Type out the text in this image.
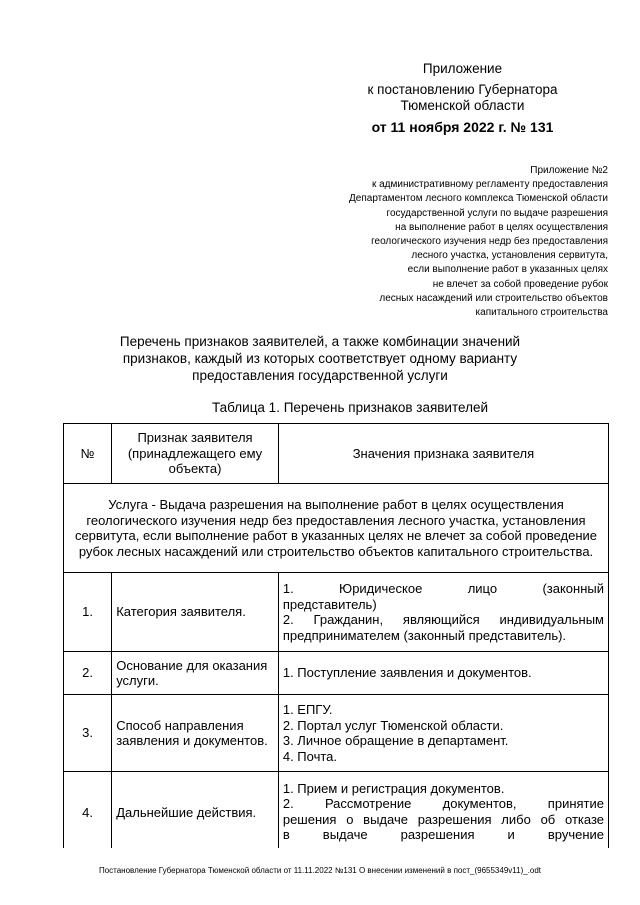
Приложение
к постановлению Губернатора
Тюменской области
от 11 ноября 2022 г. № 131
Приложение №2
к административному регламенту предоставления
Департаментом лесного комплекса Тюменской области
государственной услуги по выдаче разрешения
на выполнение работ в целях осуществления
геологического изучения недр без предоставления
лесного участка, установления сервитута,
если выполнение работ в указанных целях
не влечет за собой проведение рубок
лесных насаждений или строительство объектов
капитального строительства
Перечень признаков заявителей, а также комбинации значений
признаков, каждый из которых соответствует одному варианту
предоставления государственной услуги
Таблица 1. Перечень признаков заявителей
№	Признак заявителя (принадлежащего ему объекта)	Значения признака заявителя
Услуга - Выдача разрешения на выполнение работ в целях осуществления геологического изучения недр без предоставления лесного участка, установления сервитута, если выполнение работ в указанных целях не влечет за собой проведение рубок лесных насаждений или строительство объектов капитального строительства.		
1.	Категория заявителя.	1. Юридическое лицо (законный
представитель)
2. Гражданин, являющийся индивидуальным
предпринимателем (законный представитель).

2.	Основание для оказания услуги.	1. Поступление заявления и документов.

3.	Способ направления заявления и документов.	1. ЕПГУ.
2. Портал услуг Тюменской области.
3. Личное обращение в департамент.
4. Почта.

4.	Дальнейшие действия.	1. Прием и регистрация документов.
2. Рассмотрение документов, принятие
решения о выдаче разрешения либо об отказе
в выдаче разрешения и вручение
Постановление Губернатора Тюменской области от 11.11.2022 №131 О внесении изменений в пост_(9655349v11)_.odt
